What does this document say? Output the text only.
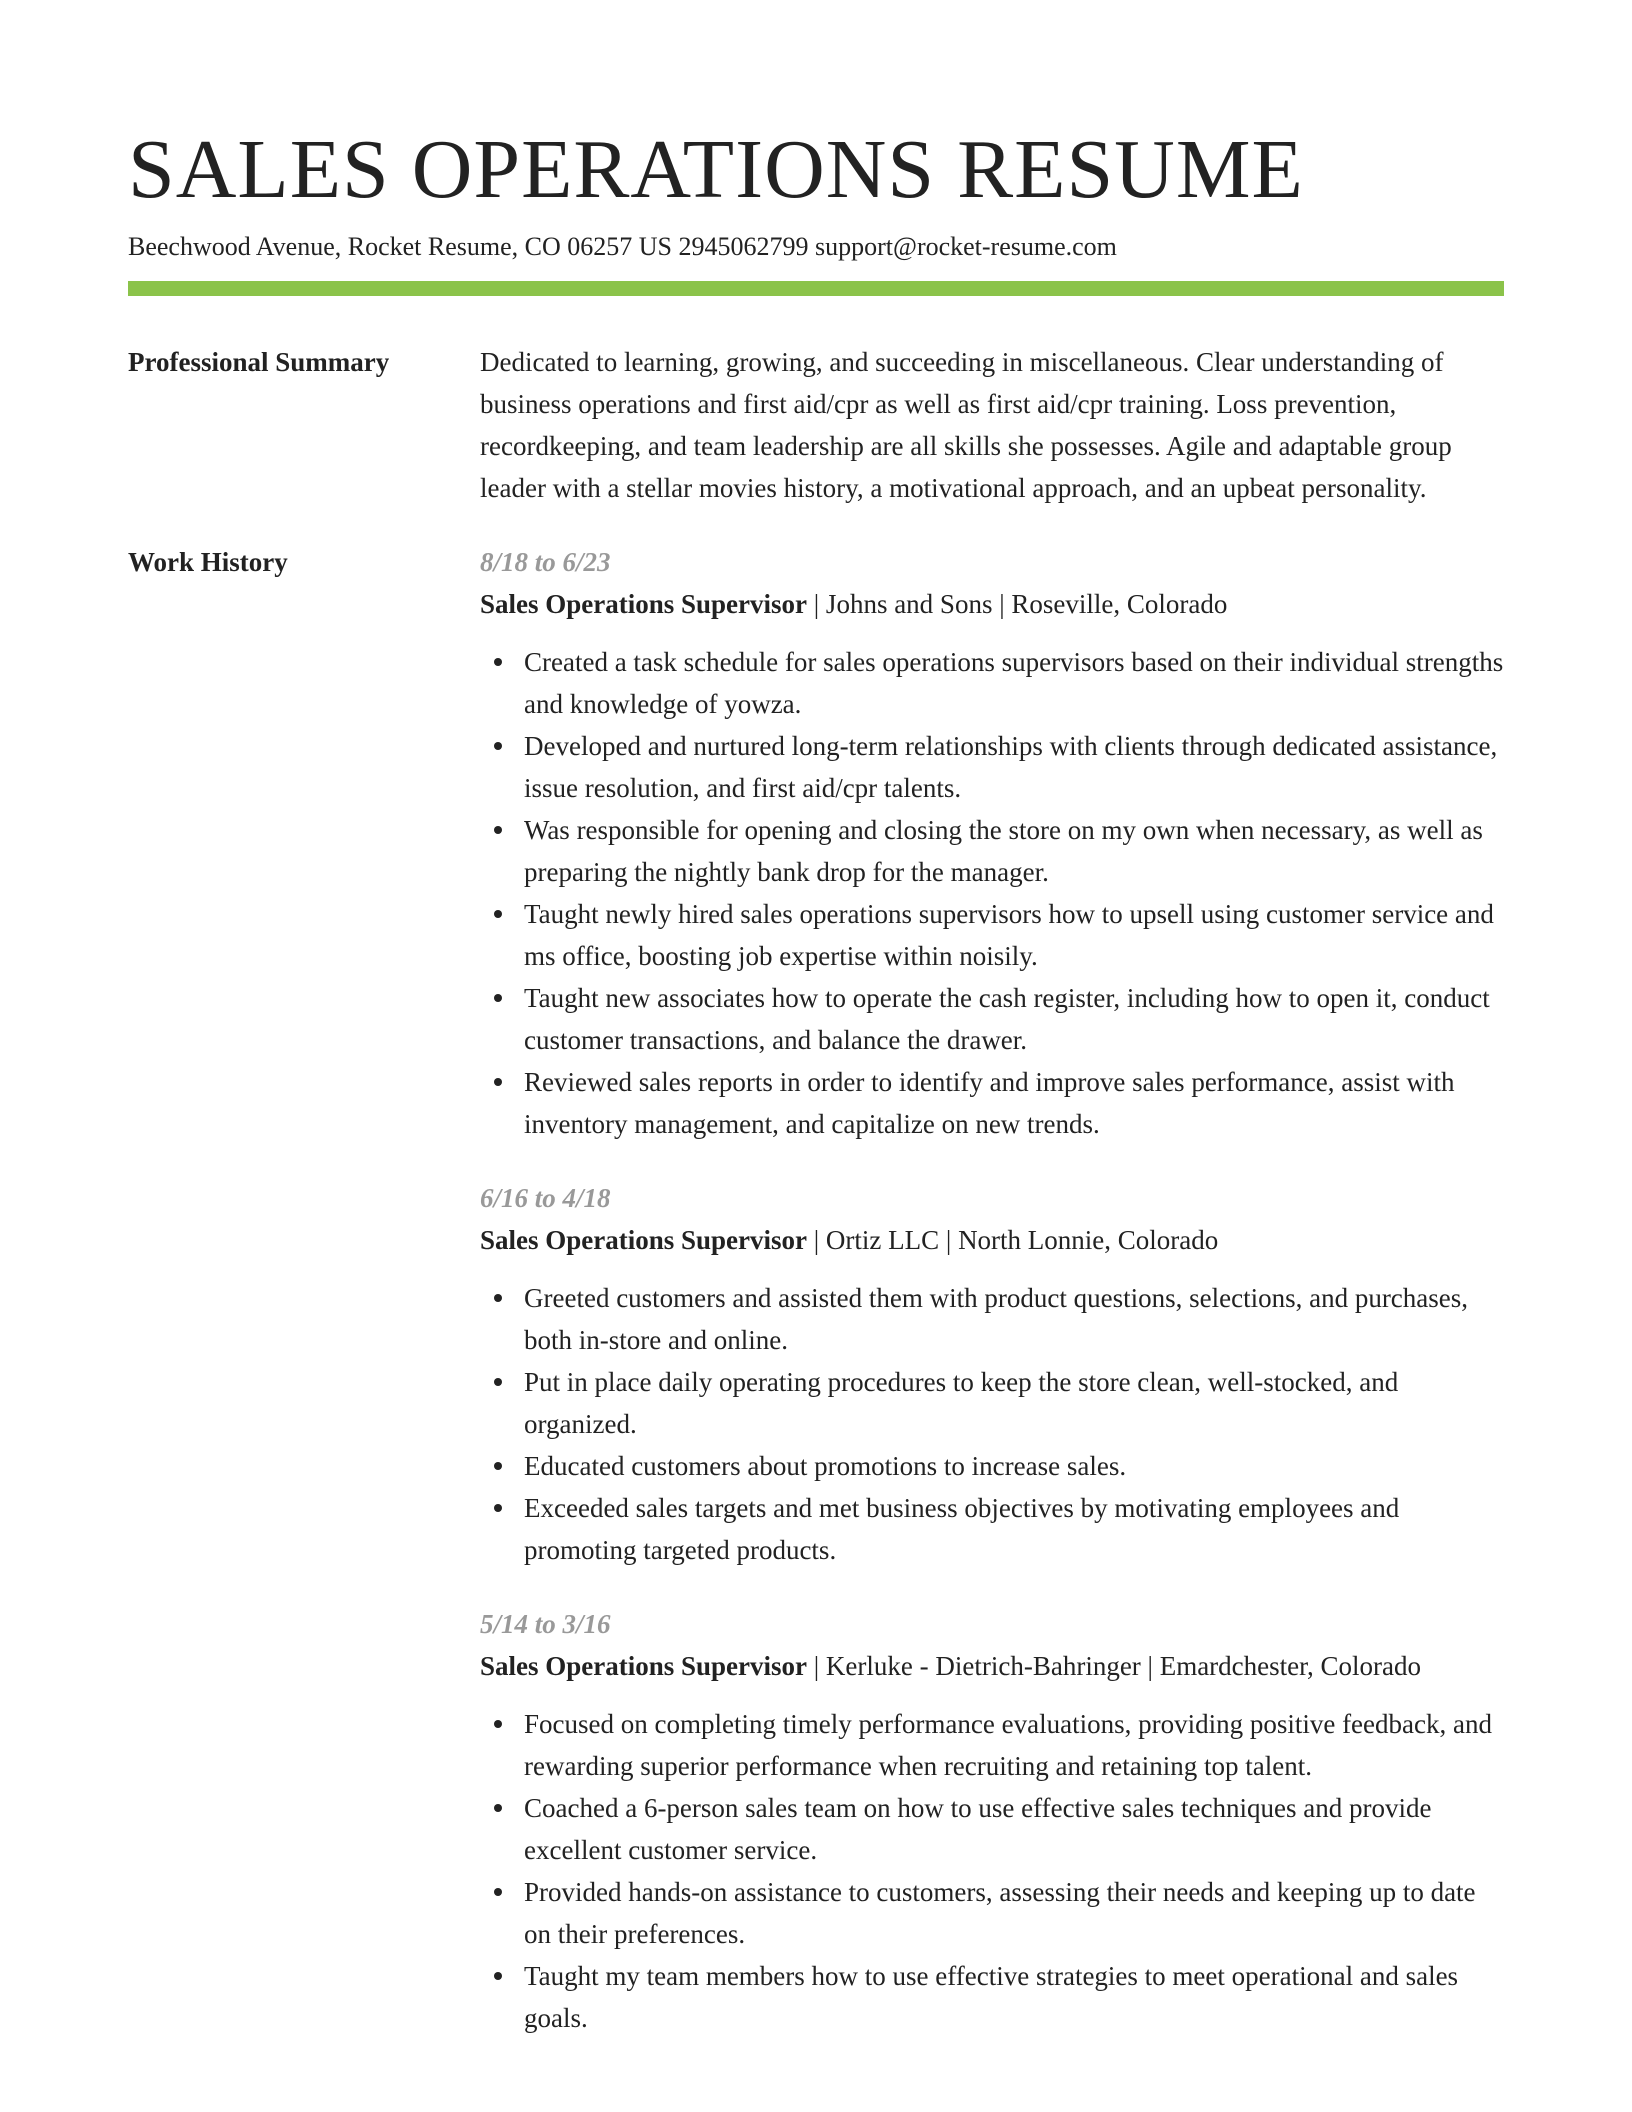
SALES OPERATIONS RESUME
Beechwood Avenue, Rocket Resume, CO 06257 US 2945062799 support@rocket-resume.com
Professional Summary	Dedicated to learning, growing, and succeeding in miscellaneous. Clear understanding of business operations and first aid/cpr as well as first aid/cpr training. Loss prevention, recordkeeping, and team leadership are all skills she possesses. Agile and adaptable group leader with a stellar movies history, a motivational approach, and an upbeat personality.

Work History	8/18 to 6/23
Sales Operations Supervisor | Johns and Sons | Roseville, Colorado
Created a task schedule for sales operations supervisors based on their individual strengths and knowledge of yowza.
Developed and nurtured long-term relationships with clients through dedicated assistance, issue resolution, and first aid/cpr talents.
Was responsible for opening and closing the store on my own when necessary, as well as preparing the nightly bank drop for the manager.
Taught newly hired sales operations supervisors how to upsell using customer service and ms office, boosting job expertise within noisily.
Taught new associates how to operate the cash register, including how to open it, conduct customer transactions, and balance the drawer.
Reviewed sales reports in order to identify and improve sales performance, assist with inventory management, and capitalize on new trends.
6/16 to 4/18
Sales Operations Supervisor | Ortiz LLC | North Lonnie, Colorado
Greeted customers and assisted them with product questions, selections, and purchases, both in-store and online.
Put in place daily operating procedures to keep the store clean, well-stocked, and organized.
Educated customers about promotions to increase sales.
Exceeded sales targets and met business objectives by motivating employees and promoting targeted products.
5/14 to 3/16
Sales Operations Supervisor | Kerluke - Dietrich-Bahringer | Emardchester, Colorado
Focused on completing timely performance evaluations, providing positive feedback, and rewarding superior performance when recruiting and retaining top talent.
Coached a 6-person sales team on how to use effective sales techniques and provide excellent customer service.
Provided hands-on assistance to customers, assessing their needs and keeping up to date on their preferences.
Taught my team members how to use effective strategies to meet operational and sales goals.
